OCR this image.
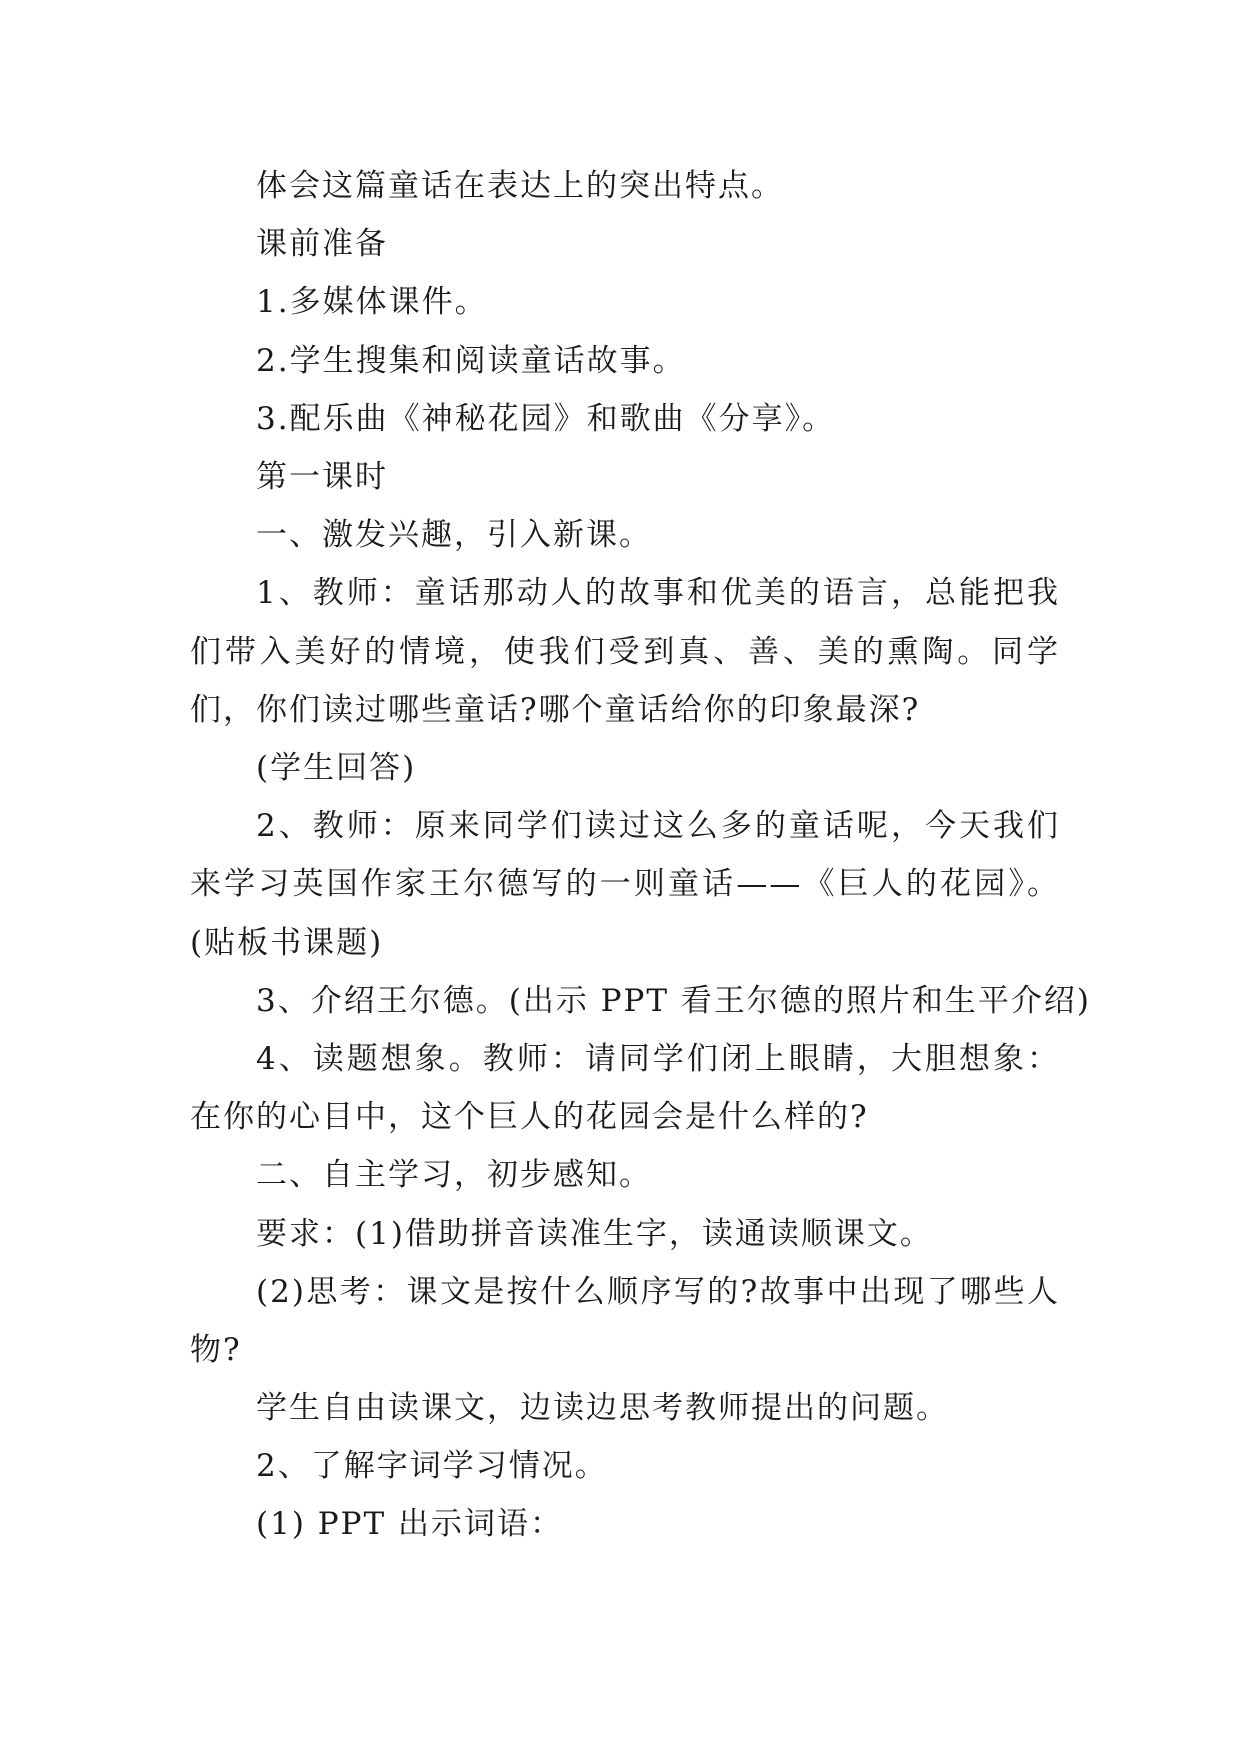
体会这篇童话在表达上的突出特点。
课前准备
1.多媒体课件。
2.学生搜集和阅读童话故事。
3.配乐曲《神秘花园》和歌曲《分享》。
第一课时
一、激发兴趣，引入新课。

1、教师：童话那动人的故事和优美的语言，总能把我们带入美好的情境，使我们受到真、善、美的熏陶。同学们，你们读过哪些童话?哪个童话给你的印象最深?

(学生回答)

2、教师：原来同学们读过这么多的童话呢，今天我们来学习英国作家王尔德写的一则童话——《巨人的花园》。(贴板书课题)

3、介绍王尔德。(出示 PPT 看王尔德的照片和生平介绍)

4、读题想象。教师：请同学们闭上眼睛，大胆想象：在你的心目中，这个巨人的花园会是什么样的?

二、自主学习，初步感知。
要求：(1)借助拼音读准生字，读通读顺课文。

(2)思考：课文是按什么顺序写的?故事中出现了哪些人物?

学生自由读课文，边读边思考教师提出的问题。
2、了解字词学习情况。
(1) PPT 出示词语：
